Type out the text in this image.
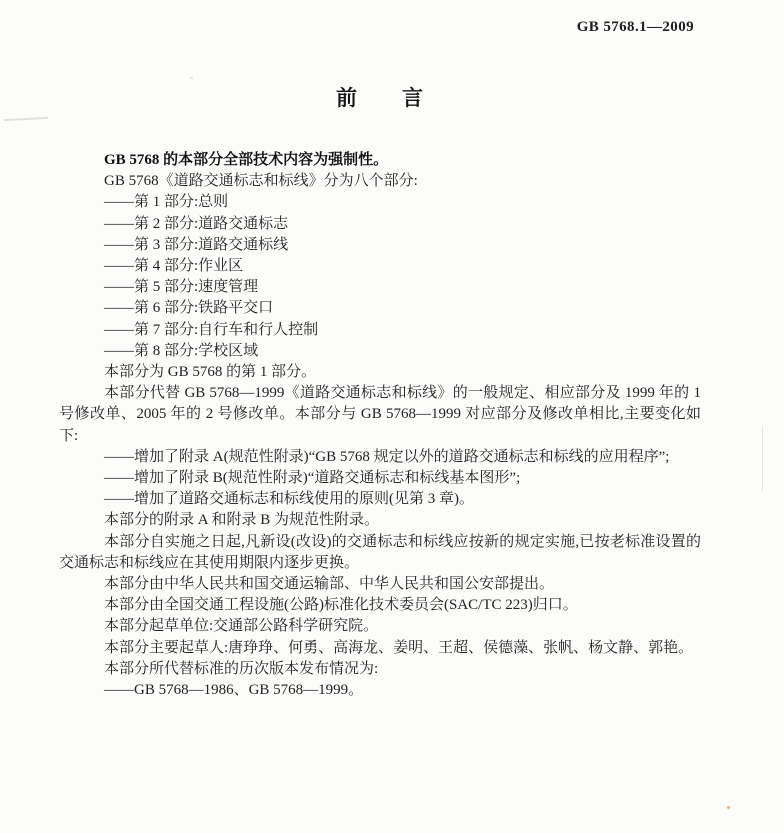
GB 5768.1—2009
前　　言

GB 5768 的本部分全部技术内容为强制性。

GB 5768《道路交通标志和标线》分为八个部分:

——第 1 部分:总则

——第 2 部分:道路交通标志

——第 3 部分:道路交通标线

——第 4 部分:作业区

——第 5 部分:速度管理

——第 6 部分:铁路平交口

——第 7 部分:自行车和行人控制

——第 8 部分:学校区域

本部分为 GB 5768 的第 1 部分。

本部分代替 GB 5768—1999《道路交通标志和标线》的一般规定、相应部分及 1999 年的 1 号修改单、2005 年的 2 号修改单。本部分与 GB 5768—1999 对应部分及修改单相比,主要变化如下:

——增加了附录 A(规范性附录)“GB 5768 规定以外的道路交通标志和标线的应用程序”;

——增加了附录 B(规范性附录)“道路交通标志和标线基本图形”;

——增加了道路交通标志和标线使用的原则(见第 3 章)。

本部分的附录 A 和附录 B 为规范性附录。

本部分自实施之日起,凡新设(改设)的交通标志和标线应按新的规定实施,已按老标准设置的交通标志和标线应在其使用期限内逐步更换。

本部分由中华人民共和国交通运输部、中华人民共和国公安部提出。

本部分由全国交通工程设施(公路)标准化技术委员会(SAC/TC 223)归口。

本部分起草单位:交通部公路科学研究院。

本部分主要起草人:唐琤琤、何勇、高海龙、姜明、王超、侯德藻、张帆、杨文静、郭艳。

本部分所代替标准的历次版本发布情况为:

——GB 5768—1986、GB 5768—1999。
